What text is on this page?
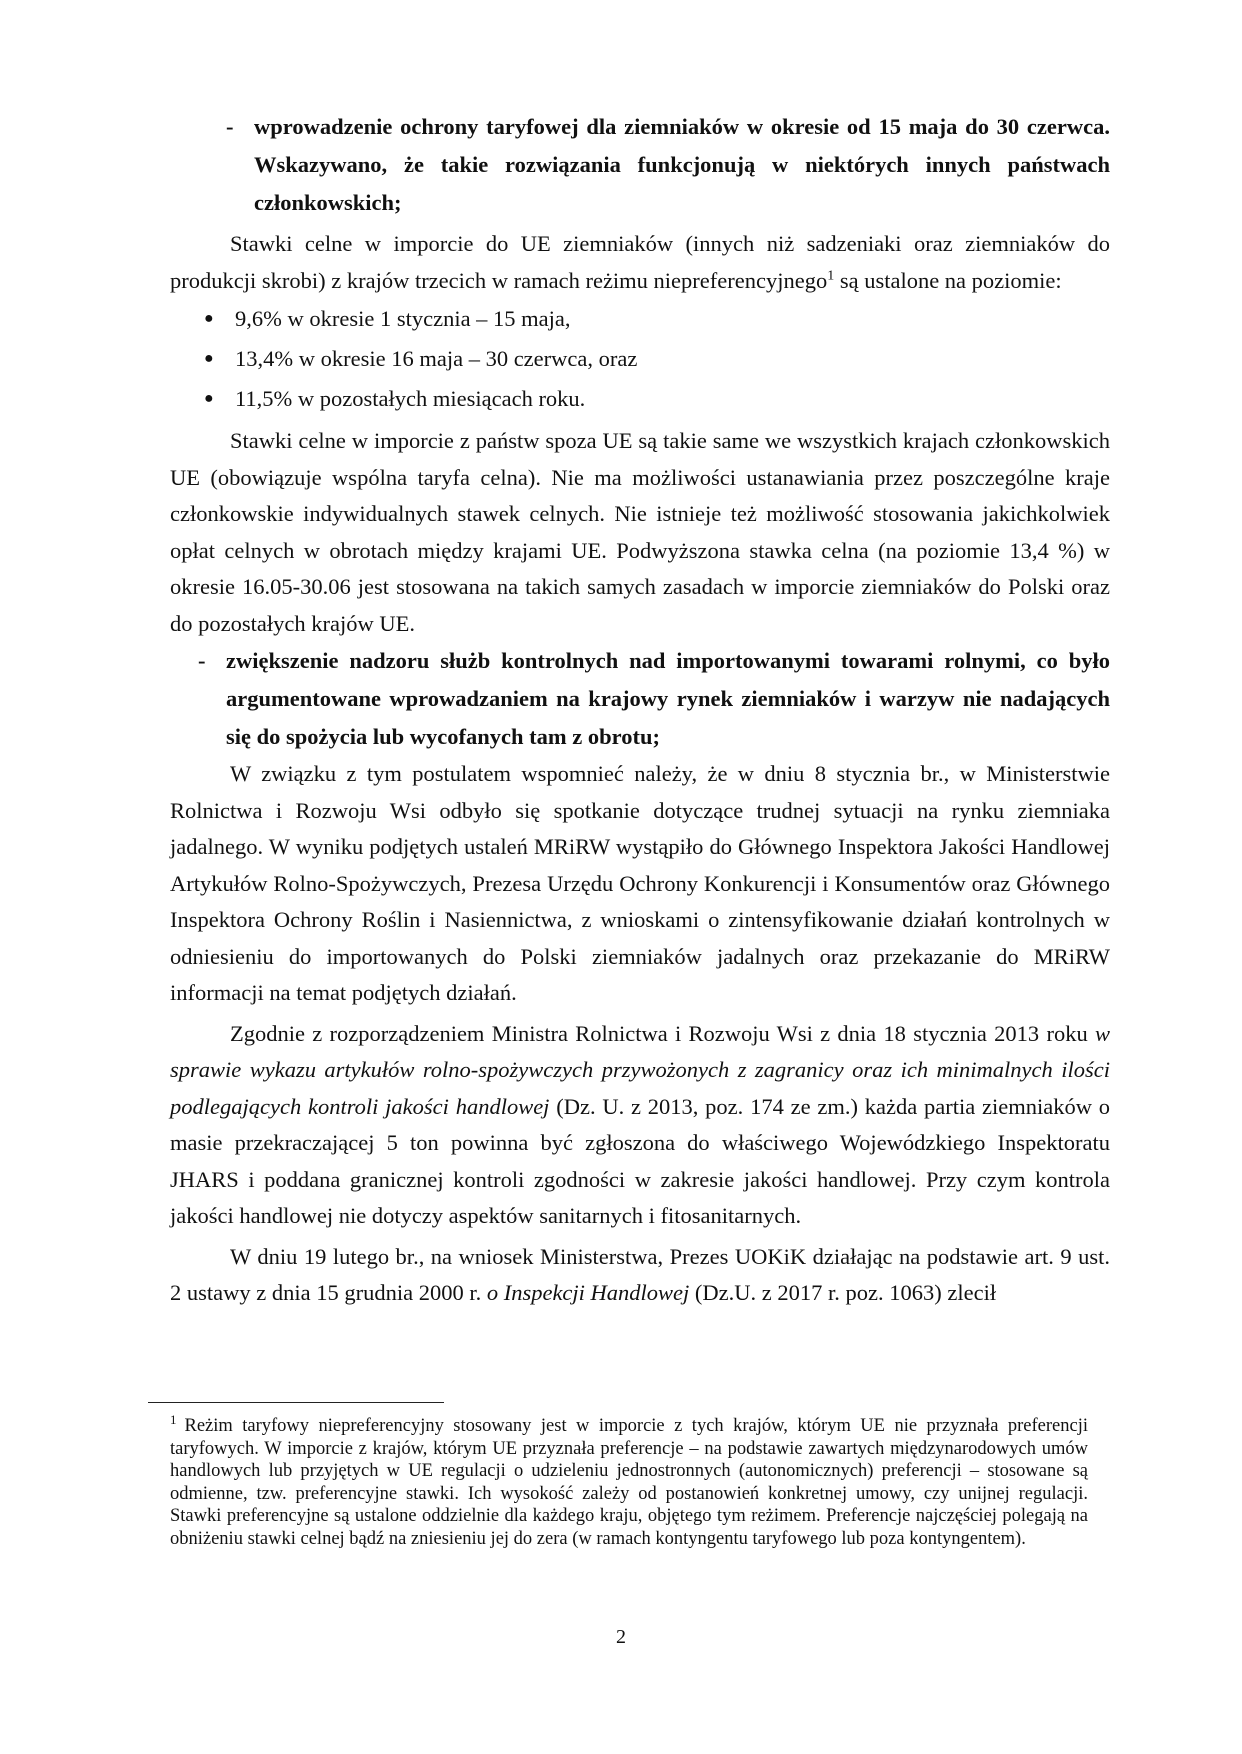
- wprowadzenie ochrony taryfowej dla ziemniaków w okresie od 15 maja do 30 czerwca. Wskazywano, że takie rozwiązania funkcjonują w niektórych innych państwach członkowskich;

Stawki celne w imporcie do UE ziemniaków (innych niż sadzeniaki oraz ziemniaków do produkcji skrobi) z krajów trzecich w ramach reżimu niepreferencyjnego$^1$ są ustalone na poziomie:

● 9,6% w okresie 1 stycznia – 15 maja,
● 13,4% w okresie 16 maja – 30 czerwca, oraz
● 11,5% w pozostałych miesiącach roku.

Stawki celne w imporcie z państw spoza UE są takie same we wszystkich krajach członkowskich UE (obowiązuje wspólna taryfa celna). Nie ma możliwości ustanawiania przez poszczególne kraje członkowskie indywidualnych stawek celnych. Nie istnieje też możliwość stosowania jakichkolwiek opłat celnych w obrotach między krajami UE. Podwyższona stawka celna (na poziomie 13,4 %) w okresie 16.05-30.06 jest stosowana na takich samych zasadach w imporcie ziemniaków do Polski oraz do pozostałych krajów UE.

- zwiększenie nadzoru służb kontrolnych nad importowanymi towarami rolnymi, co było argumentowane wprowadzaniem na krajowy rynek ziemniaków i warzyw nie nadających się do spożycia lub wycofanych tam z obrotu;

W związku z tym postulatem wspomnieć należy, że w dniu 8 stycznia br., w Ministerstwie Rolnictwa i Rozwoju Wsi odbyło się spotkanie dotyczące trudnej sytuacji na rynku ziemniaka jadalnego. W wyniku podjętych ustaleń MRiRW wystąpiło do Głównego Inspektora Jakości Handlowej Artykułów Rolno-Spożywczych, Prezesa Urzędu Ochrony Konkurencji i Konsumentów oraz Głównego Inspektora Ochrony Roślin i Nasiennictwa, z wnioskami o zintensyfikowanie działań kontrolnych w odniesieniu do importowanych do Polski ziemniaków jadalnych oraz przekazanie do MRiRW informacji na temat podjętych działań.

Zgodnie z rozporządzeniem Ministra Rolnictwa i Rozwoju Wsi z dnia 18 stycznia 2013 roku w sprawie wykazu artykułów rolno-spożywczych przywożonych z zagranicy oraz ich minimalnych ilości podlegających kontroli jakości handlowej (Dz. U. z 2013, poz. 174 ze zm.) każda partia ziemniaków o masie przekraczającej 5 ton powinna być zgłoszona do właściwego Wojewódzkiego Inspektoratu JHARS i poddana granicznej kontroli zgodności w zakresie jakości handlowej. Przy czym kontrola jakości handlowej nie dotyczy aspektów sanitarnych i fitosanitarnych.

W dniu 19 lutego br., na wniosek Ministerstwa, Prezes UOKiK działając na podstawie art. 9 ust. 2 ustawy z dnia 15 grudnia 2000 r. o Inspekcji Handlowej (Dz.U. z 2017 r. poz. 1063) zlecił

$^1$ Reżim taryfowy niepreferencyjny stosowany jest w imporcie z tych krajów, którym UE nie przyznała preferencji taryfowych. W imporcie z krajów, którym UE przyznała preferencje – na podstawie zawartych międzynarodowych umów handlowych lub przyjętych w UE regulacji o udzieleniu jednostronnych (autonomicznych) preferencji – stosowane są odmienne, tzw. preferencyjne stawki. Ich wysokość zależy od postanowień konkretnej umowy, czy unijnej regulacji. Stawki preferencyjne są ustalone oddzielnie dla każdego kraju, objętego tym reżimem. Preferencje najczęściej polegają na obniżeniu stawki celnej bądź na zniesieniu jej do zera (w ramach kontyngentu taryfowego lub poza kontyngentem).

2
